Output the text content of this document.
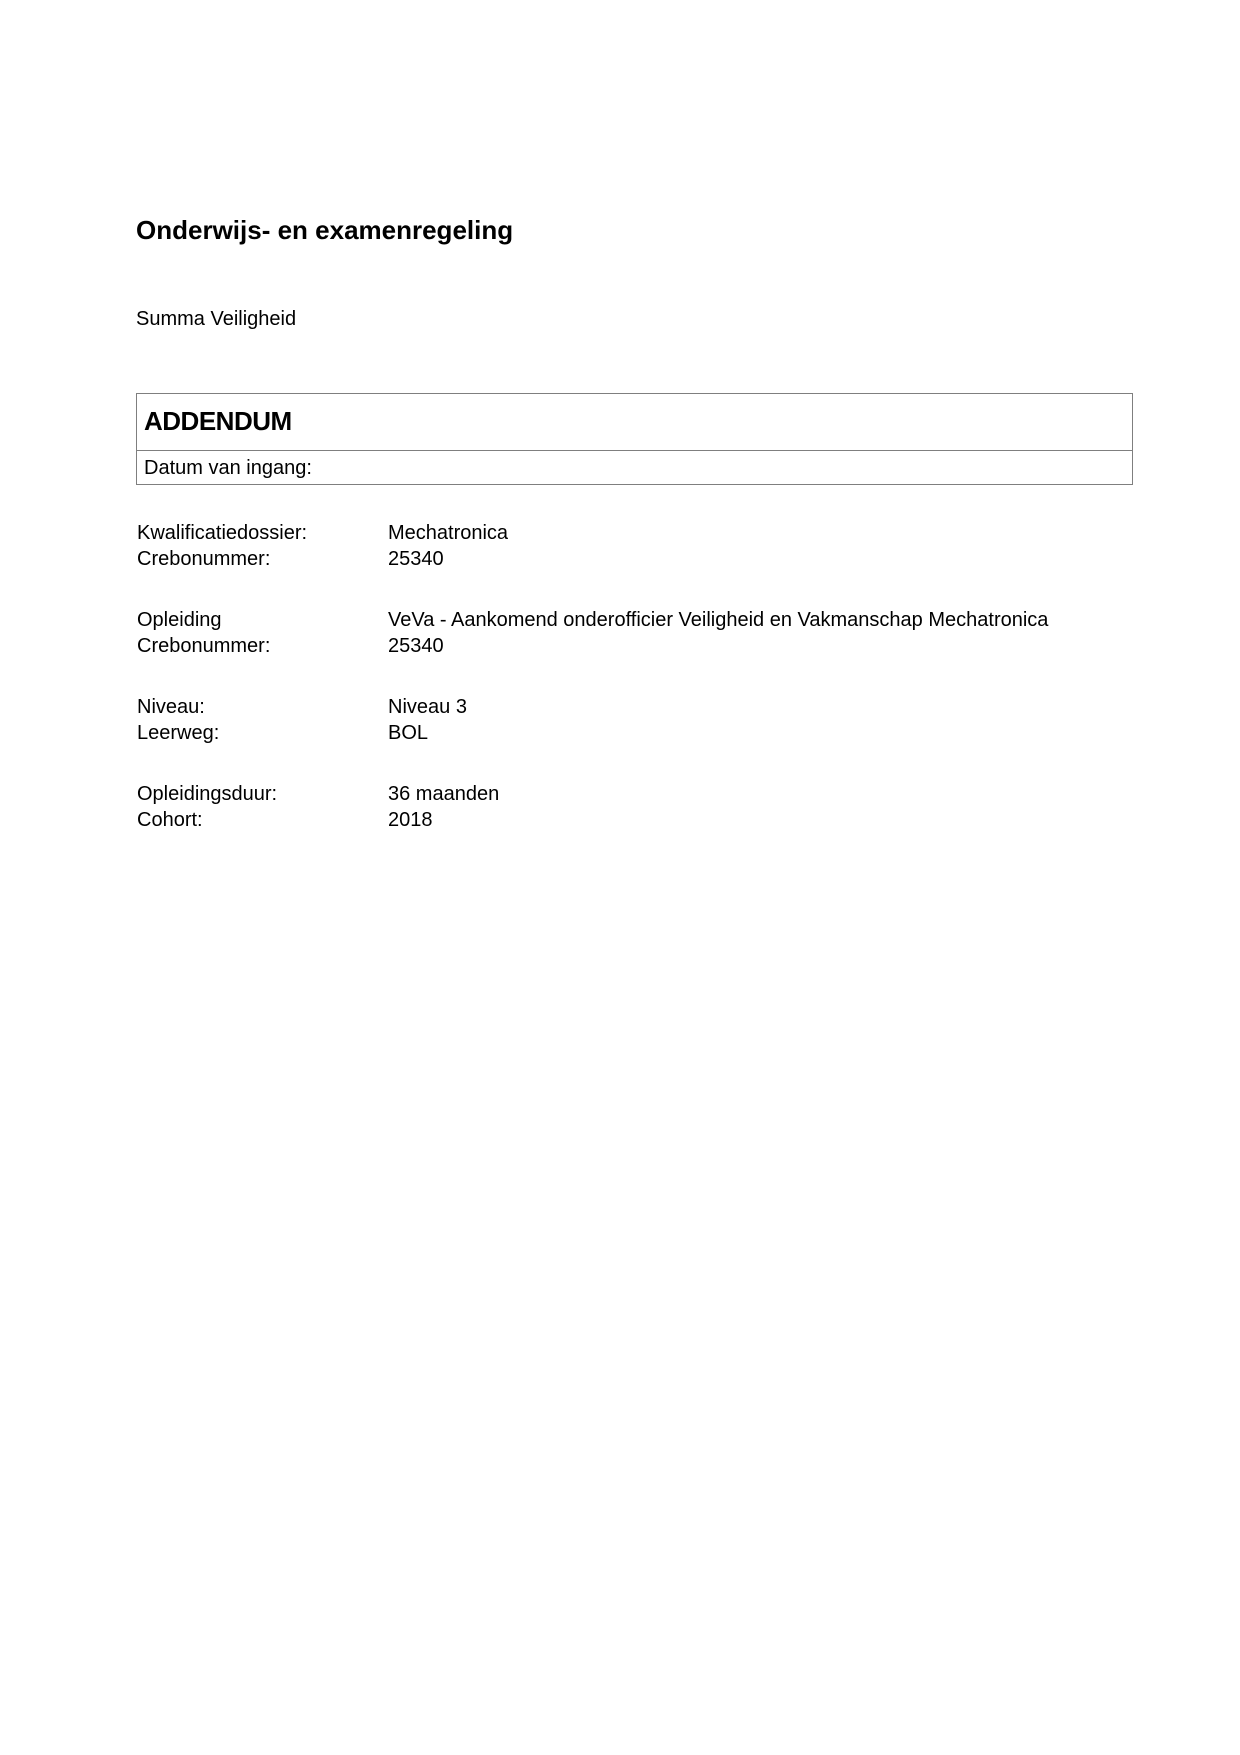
Onderwijs- en examenregeling
Summa Veiligheid
ADDENDUM
Datum van ingang:
Kwalificatiedossier:	Mechatronica
Crebonummer:	25340
Opleiding	VeVa - Aankomend onderofficier Veiligheid en Vakmanschap Mechatronica
Crebonummer:	25340
Niveau:	Niveau 3
Leerweg:	BOL
Opleidingsduur:	36 maanden
Cohort:	2018
